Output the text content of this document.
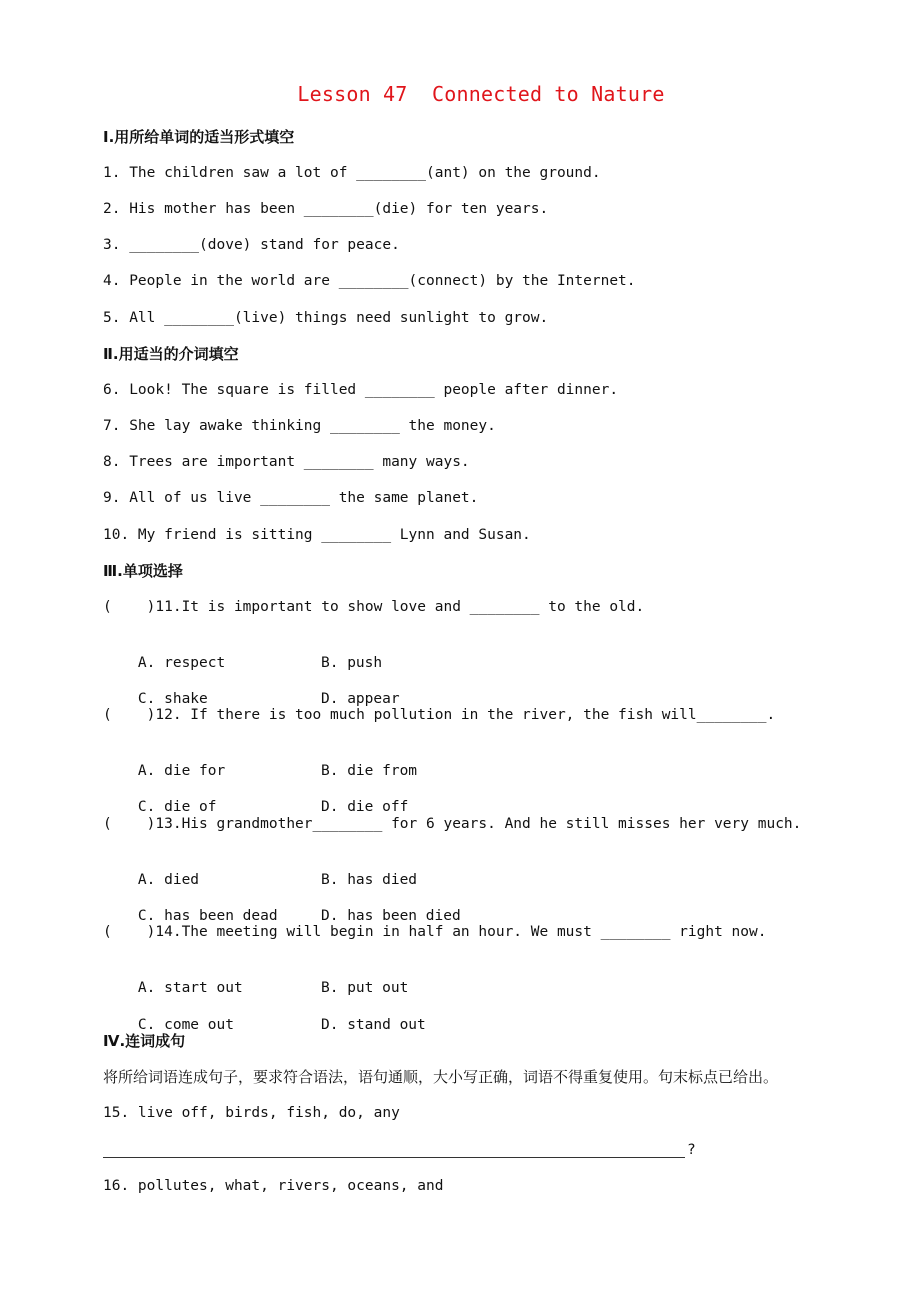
Lesson 47  Connected to Nature
Ⅰ.用所给单词的适当形式填空
1. The children saw a lot of ________(ant) on the ground.
2. His mother has been ________(die) for ten years.
3. ________(dove) stand for peace.
4. People in the world are ________(connect) by the Internet.
5. All ________(live) things need sunlight to grow.
Ⅱ.用适当的介词填空
6. Look! The square is filled ________ people after dinner.
7. She lay awake thinking ________ the money.
8. Trees are important ________ many ways.
9. All of us live ________ the same planet.
10. My friend is sitting ________ Lynn and Susan.
Ⅲ.单项选择
(    )11.It is important to show love and ________ to the old.

A. respect	B. push

C. shake	D. appear

(    )12. If there is too much pollution in the river, the fish will________.

A. die for	B. die from

C. die of	D. die off

(    )13.His grandmother________ for 6 years. And he still misses her very much.

A. died	B. has died

C. has been dead	D. has been died

(    )14.The meeting will begin in half an hour. We must ________ right now.

A. start out	B. put out

C. come out	D. stand out

Ⅳ.连词成句
将所给词语连成句子，要求符合语法，语句通顺，大小写正确，词语不得重复使用。句末标点已给出。
15. live off, birds, fish, do, any
?
16. pollutes, what, rivers, oceans, and
